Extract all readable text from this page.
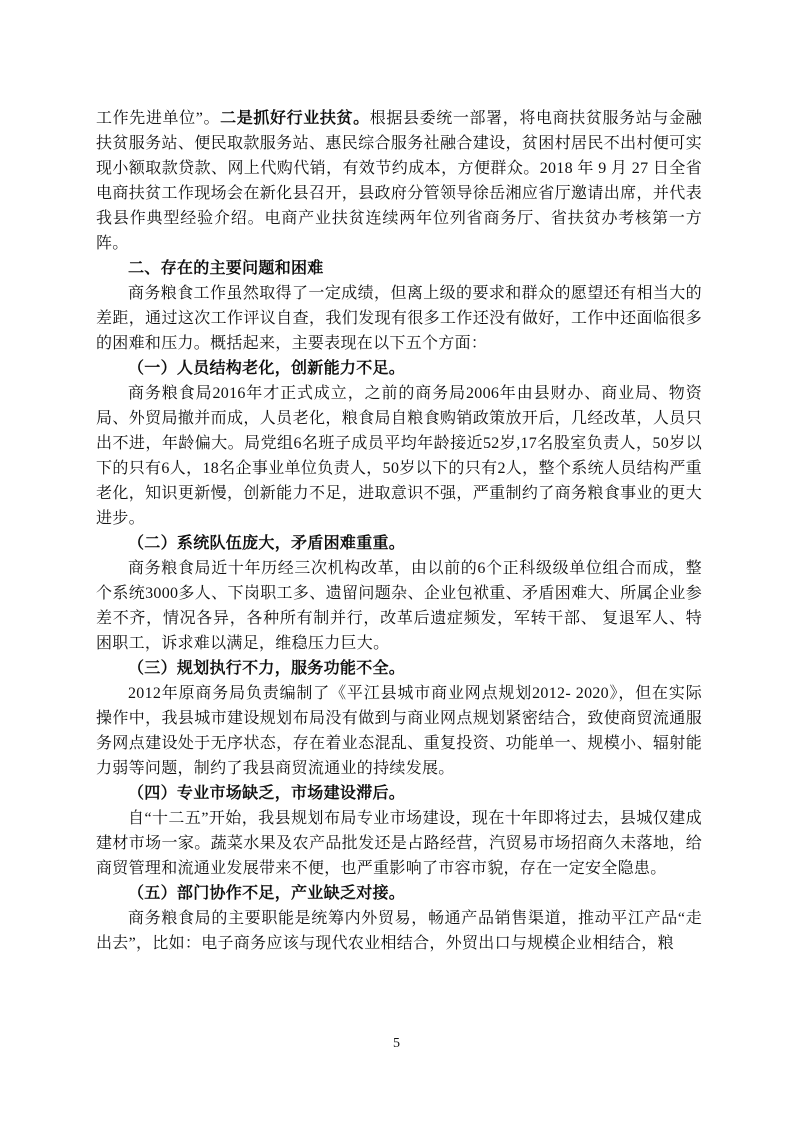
工作先进单位”。二是抓好行业扶贫。根据县委统一部署，将电商扶贫服务站与金融扶贫服务站、便民取款服务站、惠民综合服务社融合建设，贫困村居民不出村便可实现小额取款贷款、网上代购代销，有效节约成本，方便群众。2018 年 9 月 27 日全省电商扶贫工作现场会在新化县召开，县政府分管领导徐岳湘应省厅邀请出席，并代表我县作典型经验介绍。电商产业扶贫连续两年位列省商务厅、省扶贫办考核第一方阵。

二、存在的主要问题和困难

商务粮食工作虽然取得了一定成绩，但离上级的要求和群众的愿望还有相当大的差距，通过这次工作评议自查，我们发现有很多工作还没有做好，工作中还面临很多的困难和压力。概括起来，主要表现在以下五个方面：

（一）人员结构老化，创新能力不足。

商务粮食局2016年才正式成立，之前的商务局2006年由县财办、商业局、物资局、外贸局撤并而成，人员老化，粮食局自粮食购销政策放开后，几经改革，人员只出不进，年龄偏大。局党组6名班子成员平均年龄接近52岁,17名股室负责人，50岁以下的只有6人，18名企事业单位负责人，50岁以下的只有2人，整个系统人员结构严重老化，知识更新慢，创新能力不足，进取意识不强，严重制约了商务粮食事业的更大进步。

（二）系统队伍庞大，矛盾困难重重。

商务粮食局近十年历经三次机构改革，由以前的6个正科级级单位组合而成，整个系统3000多人、下岗职工多、遗留问题杂、企业包袱重、矛盾困难大、所属企业参差不齐，情况各异，各种所有制并行，改革后遗症频发，军转干部、 复退军人、特困职工，诉求难以满足，维稳压力巨大。

（三）规划执行不力，服务功能不全。

2012年原商务局负责编制了《平江县城市商业网点规划2012- 2020》，但在实际操作中，我县城市建设规划布局没有做到与商业网点规划紧密结合，致使商贸流通服务网点建设处于无序状态，存在着业态混乱、重复投资、功能单一、规模小、辐射能力弱等问题，制约了我县商贸流通业的持续发展。

（四）专业市场缺乏，市场建设滞后。

自“十二五”开始，我县规划布局专业市场建设，现在十年即将过去，县城仅建成建材市场一家。蔬菜水果及农产品批发还是占路经营，汽贸易市场招商久未落地，给商贸管理和流通业发展带来不便，也严重影响了市容市貌，存在一定安全隐患。

（五）部门协作不足，产业缺乏对接。

商务粮食局的主要职能是统筹内外贸易，畅通产品销售渠道，推动平江产品“走出去”，比如：电子商务应该与现代农业相结合，外贸出口与规模企业相结合，粮

5
